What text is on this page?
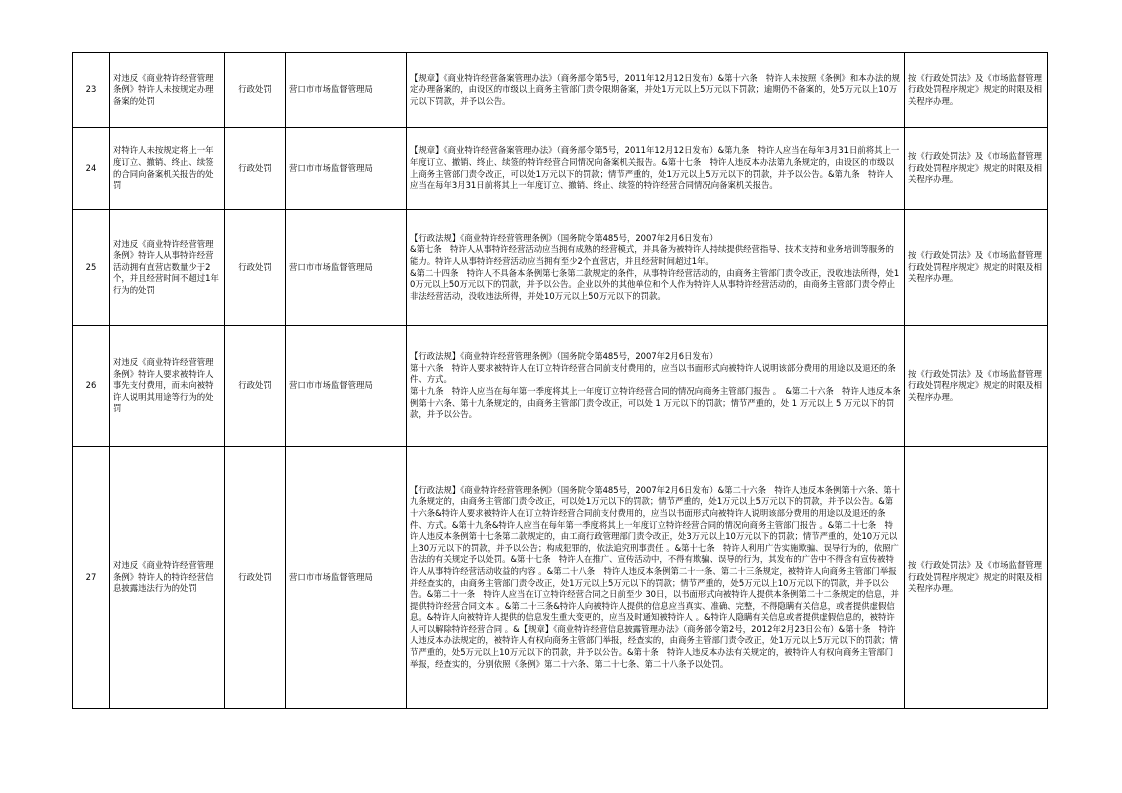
23	对违反《商业特许经营管理条例》特许人未按规定办理备案的处罚	行政处罚	营口市市场监督管理局	【规章】《商业特许经营备案管理办法》（商务部令第5号，2011年12月12日发布）&第十六条　特许人未按照《条例》和本办法的规定办理备案的，由设区的市级以上商务主管部门责令限期备案，并处1万元以上5万元以下罚款；逾期仍不备案的，处5万元以上10万元以下罚款，并予以公告。	按《行政处罚法》及《市场监督管理行政处罚程序规定》规定的时限及相关程序办理。
24	对特许人未按规定将上一年度订立、撤销、终止、续签的合同向备案机关报告的处罚	行政处罚	营口市市场监督管理局	【规章】《商业特许经营备案管理办法》（商务部令第5号，2011年12月12日发布）&第九条　特许人应当在每年3月31日前将其上一年度订立、撤销、终止、续签的特许经营合同情况向备案机关报告。&第十七条　特许人违反本办法第九条规定的，由设区的市级以上商务主管部门责令改正，可以处1万元以下的罚款；情节严重的，处1万元以上5万元以下的罚款，并予以公告。&第九条　特许人应当在每年3月31日前将其上一年度订立、撤销、终止、续签的特许经营合同情况向备案机关报告。	按《行政处罚法》及《市场监督管理行政处罚程序规定》规定的时限及相关程序办理。
25	对违反《商业特许经营管理条例》特许人从事特许经营活动拥有直营店数量少于2个，并且经营时间不超过1年行为的处罚	行政处罚	营口市市场监督管理局	【行政法规】《商业特许经营管理条例》（国务院令第485号，2007年2月6日发布）
&第七条　特许人从事特许经营活动应当拥有成熟的经营模式，并具备为被特许人持续提供经营指导、技术支持和业务培训等服务的能力。特许人从事特许经营活动应当拥有至少2个直营店，并且经营时间超过1年。
&第二十四条　特许人不具备本条例第七条第二款规定的条件，从事特许经营活动的，由商务主管部门责令改正，没收违法所得，处10万元以上50万元以下的罚款，并予以公告。企业以外的其他单位和个人作为特许人从事特许经营活动的，由商务主管部门责令停止非法经营活动，没收违法所得，并处10万元以上50万元以下的罚款。	按《行政处罚法》及《市场监督管理行政处罚程序规定》规定的时限及相关程序办理。
26	对违反《商业特许经营管理条例》特许人要求被特许人事先支付费用，而未向被特许人说明其用途等行为的处罚	行政处罚	营口市市场监督管理局	【行政法规】《商业特许经营管理条例》（国务院令第485号，2007年2月6日发布）
第十六条　特许人要求被特许人在订立特许经营合同前支付费用的，应当以书面形式向被特许人说明该部分费用的用途以及退还的条件、方式。
第十九条　特许人应当在每年第一季度将其上一年度订立特许经营合同的情况向商务主管部门报告 。　&第二十六条　特许人违反本条例第十六条、第十九条规定的，由商务主管部门责令改正，可以处 1 万元以下的罚款；情节严重的，处 1 万元以上 5 万元以下的罚款，并予以公告。	按《行政处罚法》及《市场监督管理行政处罚程序规定》规定的时限及相关程序办理。
27	对违反《商业特许经营管理条例》特许人的特许经营信息披露违法行为的处罚	行政处罚	营口市市场监督管理局	【行政法规】《商业特许经营管理条例》（国务院令第485号，2007年2月6日发布）&第二十六条　特许人违反本条例第十六条、第十九条规定的，由商务主管部门责令改正，可以处1万元以下的罚款；情节严重的，处1万元以上5万元以下的罚款，并予以公告。&第十六条&特许人要求被特许人在订立特许经营合同前支付费用的，应当以书面形式向被特许人说明该部分费用的用途以及退还的条件、方式。&第十九条&特许人应当在每年第一季度将其上一年度订立特许经营合同的情况向商务主管部门报告 。&第二十七条　特许人违反本条例第十七条第二款规定的，由工商行政管理部门责令改正，处3万元以上10万元以下的罚款；情节严重的，处10万元以上30万元以下的罚款，并予以公告；构成犯罪的，依法追究刑事责任 。&第十七条　特许人利用广告实施欺骗、误导行为的，依照广告法的有关规定予以处罚。&第十七条　特许人在推广、宣传活动中，不得有欺骗、误导的行为，其发布的广告中不得含有宣传被特许人从事特许经营活动收益的内容 。&第二十八条　特许人违反本条例第二十一条、第二十三条规定，被特许人向商务主管部门举报并经查实的，由商务主管部门责令改正，处1万元以上5万元以下的罚款；情节严重的，处5万元以上10万元以下的罚款，并予以公告。&第二十一条　特许人应当在订立特许经营合同之日前至少 30日，以书面形式向被特许人提供本条例第二十二条规定的信息，并提供特许经营合同文本 。&第二十三条&特许人向被特许人提供的信息应当真实、准确、完整，不得隐瞒有关信息，或者提供虚假信息。&特许人向被特许人提供的信息发生重大变更的，应当及时通知被特许人 。&特许人隐瞒有关信息或者提供虚假信息的，被特许人可以解除特许经营合同 。&【规章】《商业特许经营信息披露管理办法》（商务部令第2号，2012年2月23日公布）&第十条　特许人违反本办法规定的，被特许人有权向商务主管部门举报，经查实的，由商务主管部门责令改正，处1万元以上5万元以下的罚款；情节严重的，处5万元以上10万元以下的罚款，并予以公告。&第十条　特许人违反本办法有关规定的，被特许人有权向商务主管部门举报，经查实的，分别依照《条例》第二十六条、第二十七条、第二十八条予以处罚。	按《行政处罚法》及《市场监督管理行政处罚程序规定》规定的时限及相关程序办理。
